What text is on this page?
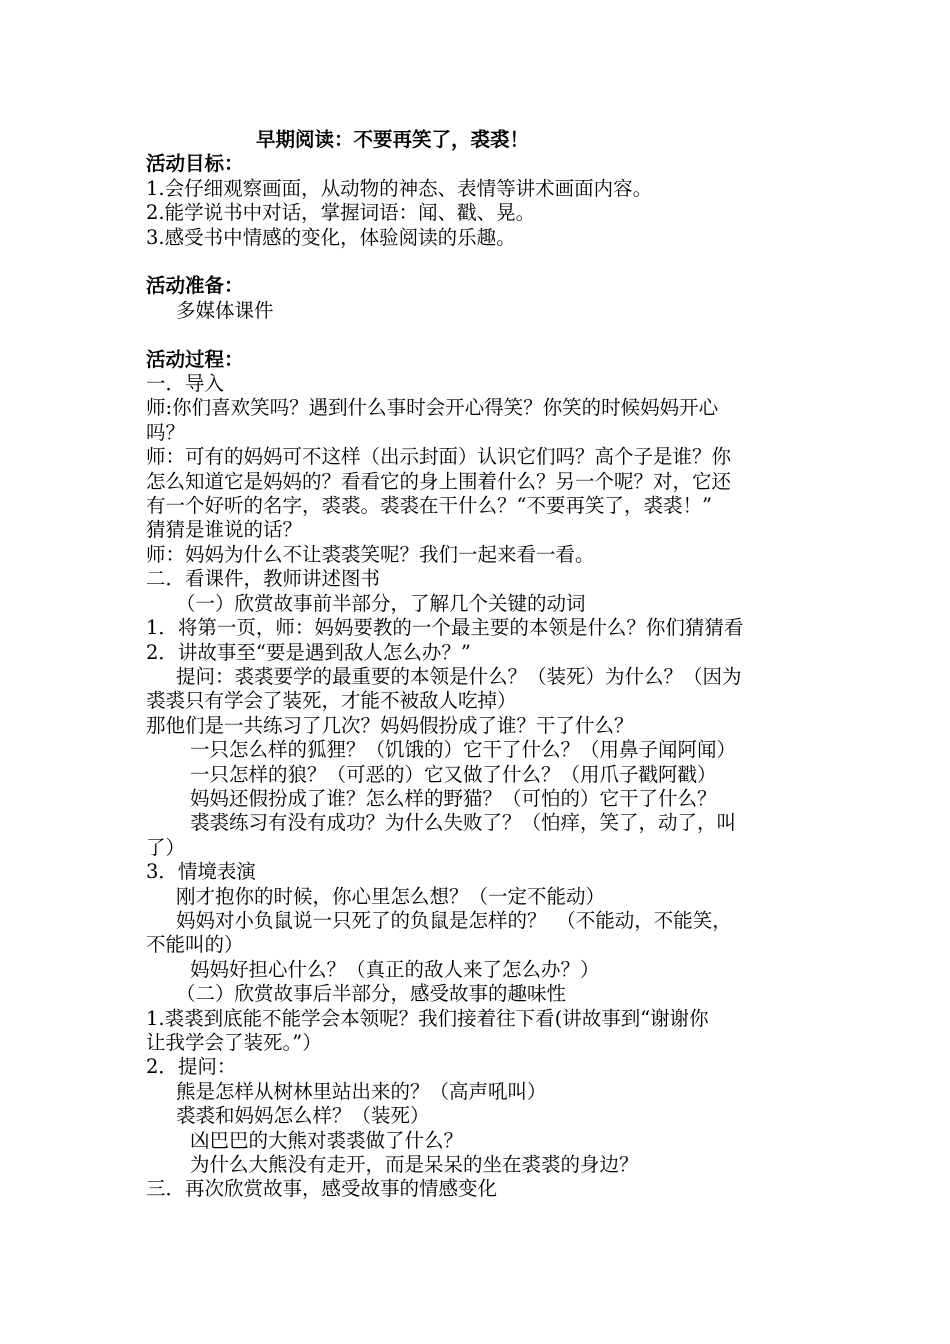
早期阅读：不要再笑了，裘裘！
活动目标：
1.会仔细观察画面，从动物的神态、表情等讲术画面内容。
2.能学说书中对话，掌握词语：闻、戳、晃。
3.感受书中情感的变化，体验阅读的乐趣。
活动准备：
多媒体课件
活动过程：
一．导入
师:你们喜欢笑吗？遇到什么事时会开心得笑？你笑的时候妈妈开心
吗？
师：可有的妈妈可不这样（出示封面）认识它们吗？高个子是谁？你
怎么知道它是妈妈的？看看它的身上围着什么？另一个呢？对，它还
有一个好听的名字，裘裘。裘裘在干什么？“不要再笑了，裘裘！”
猜猜是谁说的话？
师：妈妈为什么不让裘裘笑呢？我们一起来看一看。
二．看课件，教师讲述图书
（一）欣赏故事前半部分，了解几个关键的动词
1．将第一页，师：妈妈要教的一个最主要的本领是什么？你们猜猜看
2．讲故事至“要是遇到敌人怎么办？”
提问：裘裘要学的最重要的本领是什么？（装死）为什么？（因为
裘裘只有学会了装死，才能不被敌人吃掉）
那他们是一共练习了几次？妈妈假扮成了谁？干了什么？
一只怎么样的狐狸？（饥饿的）它干了什么？（用鼻子闻阿闻）
一只怎样的狼？（可恶的）它又做了什么？（用爪子戳阿戳）
妈妈还假扮成了谁？怎么样的野猫？（可怕的）它干了什么？
裘裘练习有没有成功？为什么失败了？（怕痒，笑了，动了，叫
了）
3．情境表演
刚才抱你的时候，你心里怎么想？（一定不能动）
妈妈对小负鼠说一只死了的负鼠是怎样的？　（不能动，不能笑，
不能叫的）
妈妈好担心什么？（真正的敌人来了怎么办？）
（二）欣赏故事后半部分，感受故事的趣味性
1.裘裘到底能不能学会本领呢？我们接着往下看(讲故事到“谢谢你
让我学会了装死。”）
2．提问：
熊是怎样从树林里站出来的？（高声吼叫）
裘裘和妈妈怎么样？（装死）
凶巴巴的大熊对裘裘做了什么？
为什么大熊没有走开，而是呆呆的坐在裘裘的身边？
三．再次欣赏故事，感受故事的情感变化
